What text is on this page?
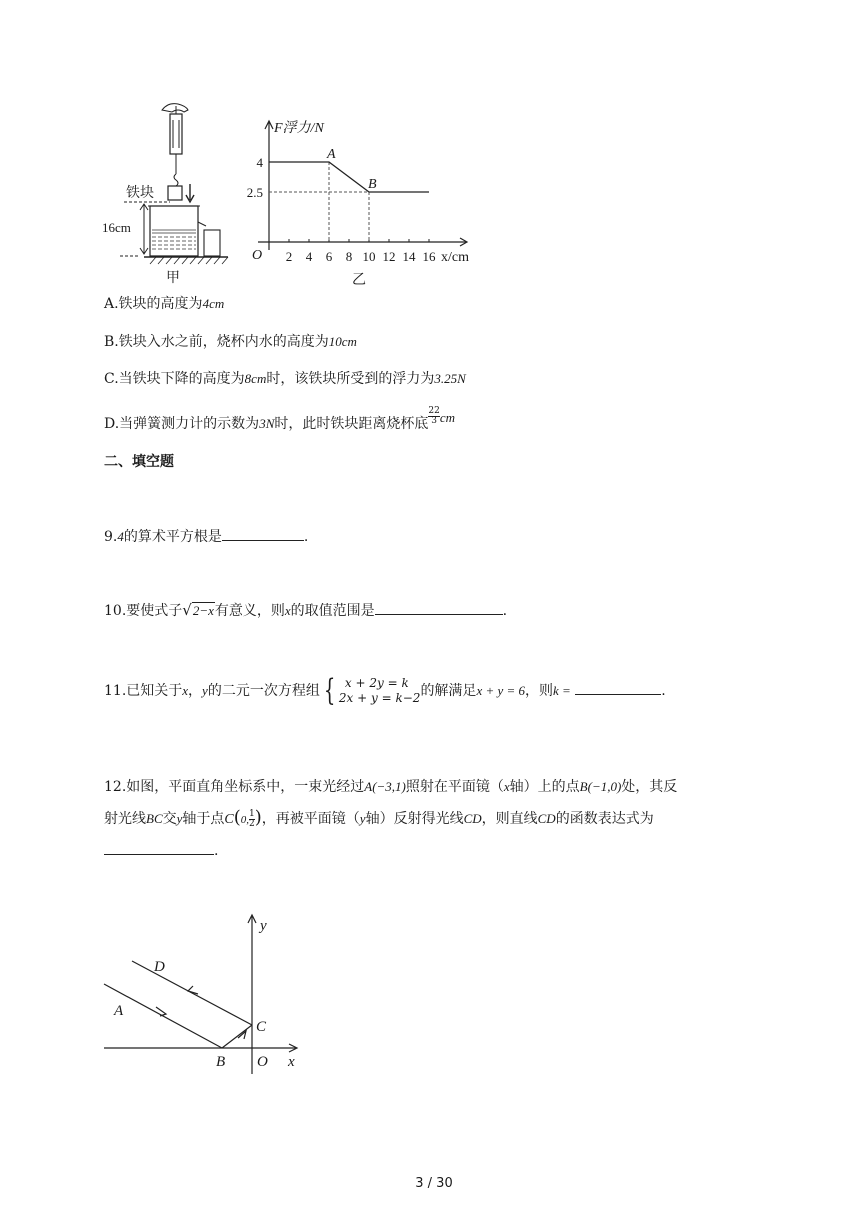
铁块
16cm
甲
F浮力/N
x/cm
O 2 4 6 8 10 12 14 16
4
2.5
A
B
乙
A.铁块的高度为4cm
B.铁块入水之前，烧杯内水的高度为10cm
C.当铁块下降的高度为8cm时，该铁块所受到的浮力为3.25N
D.当弹簧测力计的示数为3N时，此时铁块距离烧杯底 $\frac{22}{3}$ cm
二、填空题
9.4的算术平方根是	.
10.要使式子√2−x有意义，则x的取值范围是	.
11.已知关于x，y的二元一次方程组 { x + 2y = k
2x + y = k−2 的解满足x + y = 6，则k =	.
12.如图，平面直角坐标系中，一束光经过A(−3,1)照射在平面镜（x轴）上的点B(−1,0)处，其反
射光线BC交y轴于点C(0, $\frac{1}{2}$ )，再被平面镜（y轴）反射得光线CD，则直线CD的函数表达式为
.
y
x
O
B
C
A
D
3 / 30
